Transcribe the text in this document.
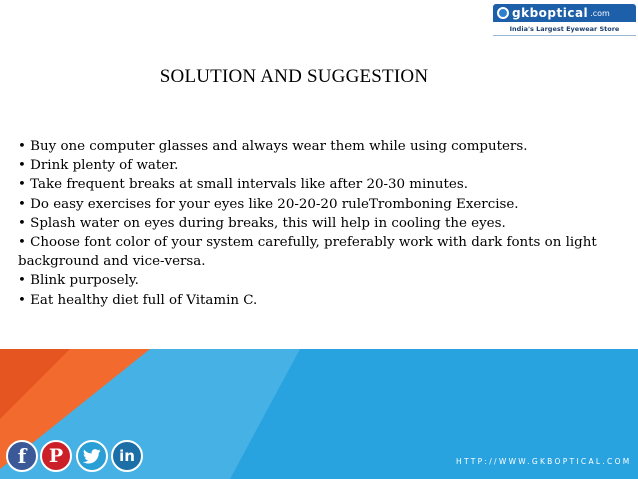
gkboptical .com
India's Largest Eyewear Store
SOLUTION AND SUGGESTION
• Buy one computer glasses and always wear them while using computers.
• Drink plenty of water.
• Take frequent breaks at small intervals like after 20-30 minutes.
• Do easy exercises for your eyes like 20-20-20 ruleTromboning Exercise.
• Splash water on eyes during breaks, this will help in cooling the eyes.
• Choose font color of your system carefully, preferably work with dark fonts on light background and vice-versa.
• Blink purposely.
• Eat healthy diet full of Vitamin C.
f P	in	HTTP://WWW.GKBOPTICAL.COM
